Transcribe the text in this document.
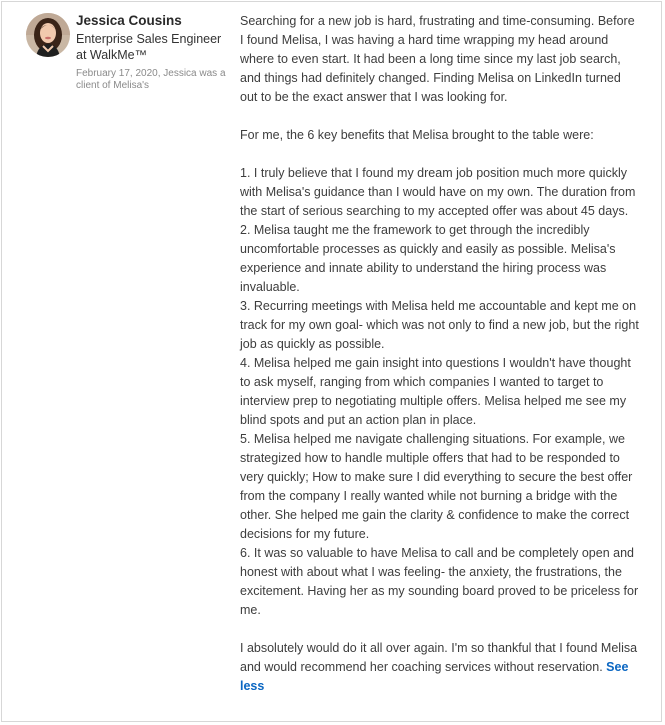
Jessica Cousins
Enterprise Sales Engineer at WalkMe™
February 17, 2020, Jessica was a client of Melisa's

Searching for a new job is hard, frustrating and time-consuming. Before I found Melisa, I was having a hard time wrapping my head around where to even start. It had been a long time since my last job search, and things had definitely changed. Finding Melisa on LinkedIn turned out to be the exact answer that I was looking for.

For me, the 6 key benefits that Melisa brought to the table were:

1. I truly believe that I found my dream job position much more quickly with Melisa's guidance than I would have on my own. The duration from the start of serious searching to my accepted offer was about 45 days.

2. Melisa taught me the framework to get through the incredibly uncomfortable processes as quickly and easily as possible. Melisa's experience and innate ability to understand the hiring process was invaluable.

3. Recurring meetings with Melisa held me accountable and kept me on track for my own goal- which was not only to find a new job, but the right job as quickly as possible.

4. Melisa helped me gain insight into questions I wouldn't have thought to ask myself, ranging from which companies I wanted to target to interview prep to negotiating multiple offers. Melisa helped me see my blind spots and put an action plan in place.

5. Melisa helped me navigate challenging situations. For example, we strategized how to handle multiple offers that had to be responded to very quickly; How to make sure I did everything to secure the best offer from the company I really wanted while not burning a bridge with the other. She helped me gain the clarity & confidence to make the correct decisions for my future.

6. It was so valuable to have Melisa to call and be completely open and honest with about what I was feeling- the anxiety, the frustrations, the excitement. Having her as my sounding board proved to be priceless for me.

I absolutely would do it all over again. I'm so thankful that I found Melisa and would recommend her coaching services without reservation. See less
